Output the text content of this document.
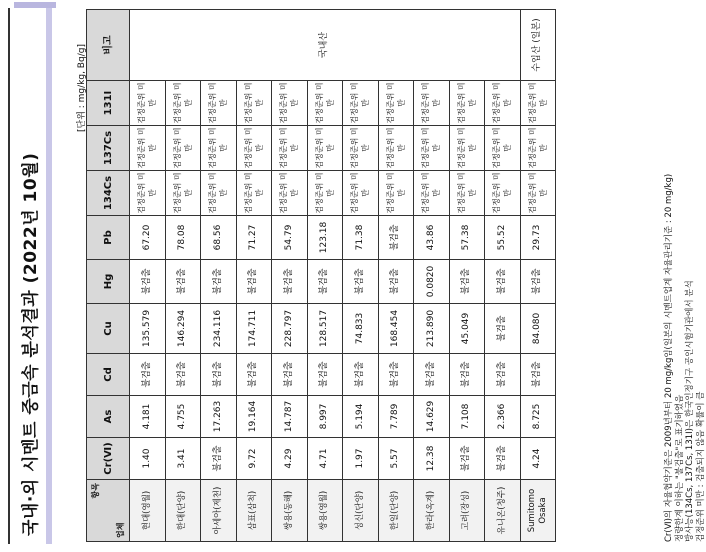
국내·외 시멘트 중금속 분석결과 (2022년 10월)
[단위 : mg/kg, Bq/g]
항목
업체	Cr(Ⅵ)	As	Cd	Cu	Hg	Pb	134Cs	137Cs	131I	비고
현대(영월)	1.40	4.181	불검출	135.579	불검출	67.20	검정준위 미만	검정준위 미만	검정준위 미만	국내산
한대(단양)	3.41	4.755	불검출	146.294	불검출	78.08	검정준위 미만	검정준위 미만	검정준위 미만	
아세아(제천)	불검출	17.263	불검출	234.116	불검출	68.56	검정준위 미만	검정준위 미만	검정준위 미만	
삼표(삼척)	9.72	19.164	불검출	174.711	불검출	71.27	검정준위 미만	검정준위 미만	검정준위 미만	
쌍용(동해)	4.29	14.787	불검출	228.797	불검출	54.79	검정준위 미만	검정준위 미만	검정준위 미만	
쌍용(영월)	4.71	8.997	불검출	128.517	불검출	123.18	검정준위 미만	검정준위 미만	검정준위 미만	
성신(단양)	1.97	5.194	불검출	74.833	불검출	71.38	검정준위 미만	검정준위 미만	검정준위 미만	
한일(단양)	5.57	7.789	불검출	168.454	불검출	불검출	검정준위 미만	검정준위 미만	검정준위 미만	
한라(옥계)	12.38	14.629	불검출	213.890	0.0820	43.86	검정준위 미만	검정준위 미만	검정준위 미만	
고려(장성)	불검출	7.108	불검출	45.049	불검출	57.38	검정준위 미만	검정준위 미만	검정준위 미만	
유니온(청주)	불검출	2.366	불검출	불검출	불검출	55.52	검정준위 미만	검정준위 미만	검정준위 미만	
Sumitomo Osaka	4.24	8.725	불검출	84.080	불검출	29.73	검정준위 미만	검정준위 미만	검정준위 미만	수입산 (일본)
Cr(Ⅵ)의 자율협약기준은 2009년부터 20 mg/kg임(일본의 시멘트업계 자율관리기준 : 20 mg/kg) 정량한계 이하는 "불검출"로 표기하였음 방사능(134Cs, 137Cs, 131I)은 한국인정기구 공인시험기관에서 분석 검정준위 미만 : 검출되지 않음 확률이 큼
